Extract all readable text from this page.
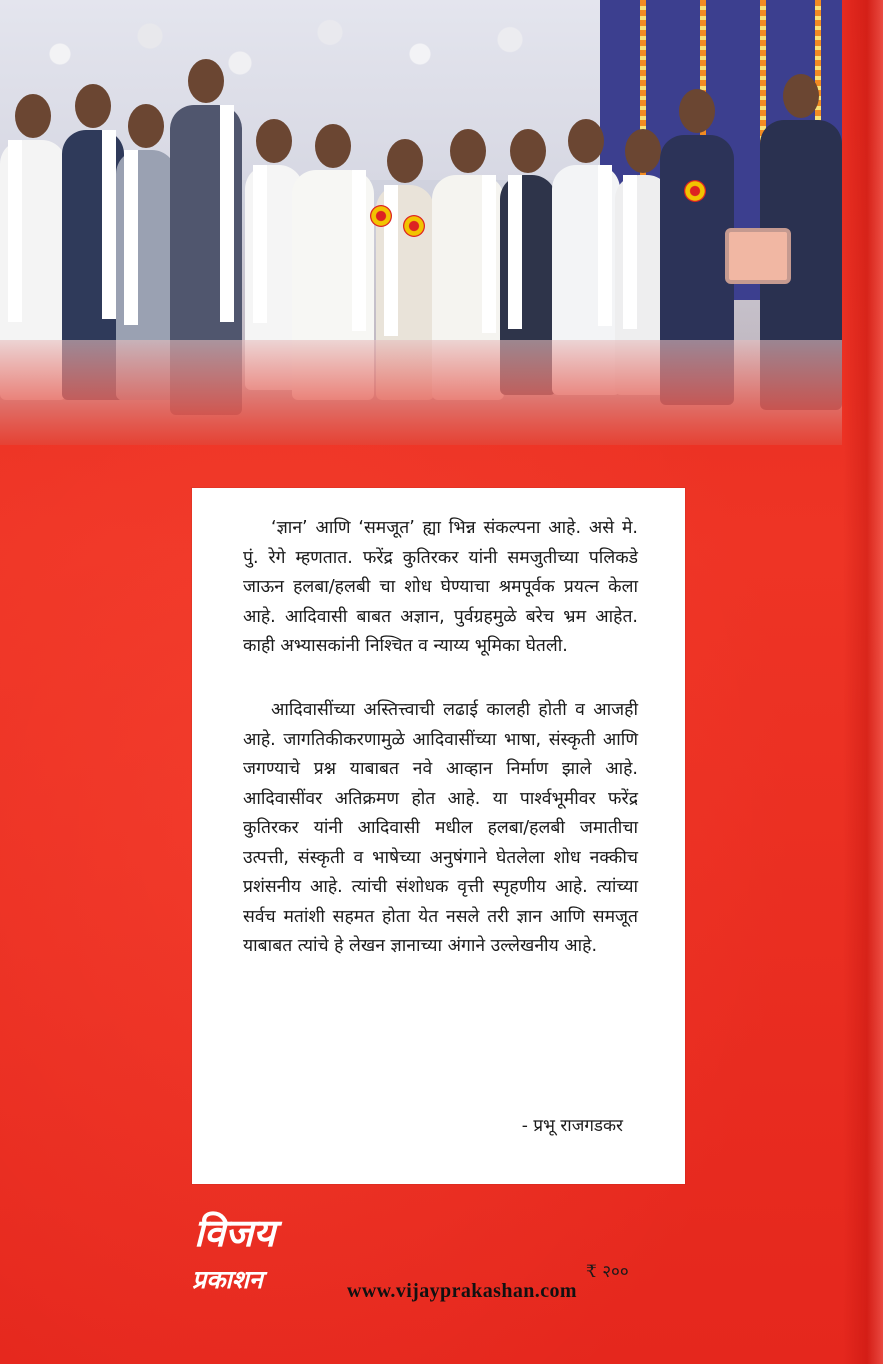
‘ज्ञान’ आणि ‘समजूत’ ह्या भिन्न संकल्पना आहे. असे मे. पुं. रेगे म्हणतात. फरेंद्र कुतिरकर यांनी समजुतीच्या पलिकडे जाऊन हलबा/हलबी चा शोध घेण्याचा श्रमपूर्वक प्रयत्न केला आहे. आदिवासी बाबत अज्ञान, पुर्वग्रहमुळे बरेच भ्रम आहेत. काही अभ्यासकांनी निश्चित व न्याय्य भूमिका घेतली.

आदिवासींच्या अस्तित्त्वाची लढाई कालही होती व आजही आहे. जागतिकीकरणामुळे आदिवासींच्या भाषा, संस्कृती आणि जगण्याचे प्रश्न याबाबत नवे आव्हान निर्माण झाले आहे. आदिवासींवर अतिक्रमण होत आहे. या पार्श्वभूमीवर फरेंद्र कुतिरकर यांनी आदिवासी मधील हलबा/हलबी जमातीचा उत्पत्ती, संस्कृती व भाषेच्या अनुषंगाने घेतलेला शोध नक्कीच प्रशंसनीय आहे. त्यांची संशोधक वृत्ती स्पृहणीय आहे. त्यांच्या सर्वच मतांशी सहमत होता येत नसले तरी ज्ञान आणि समजूत याबाबत त्यांचे हे लेखन ज्ञानाच्या अंगाने उल्लेखनीय आहे.

- प्रभू राजगडकर
विजय
प्रकाशन	₹ २००
www.vijayprakashan.com
